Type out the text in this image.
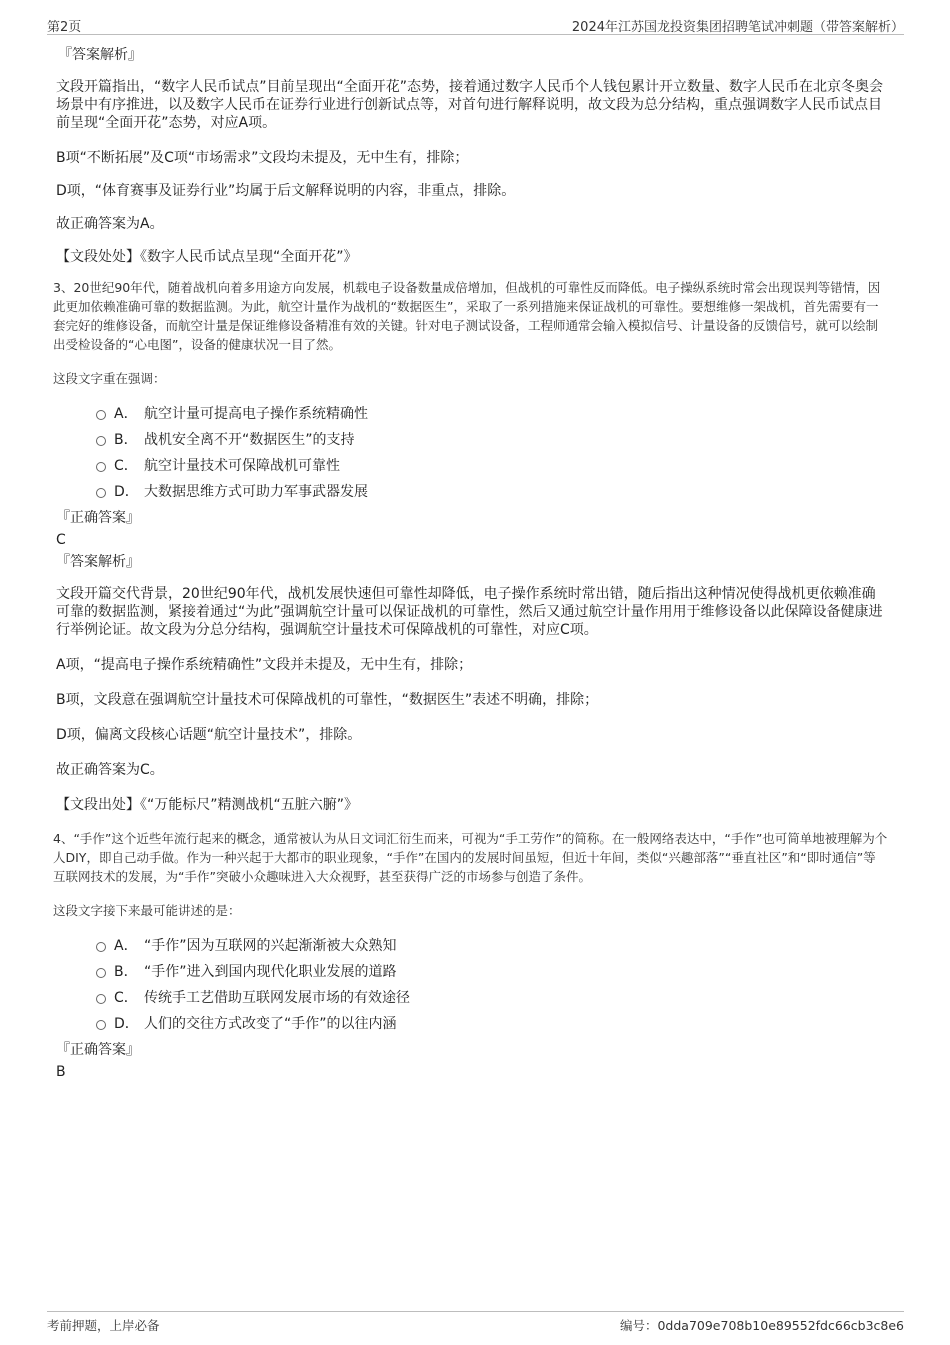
第2页	2024年江苏国龙投资集团招聘笔试冲刺题（带答案解析）
『答案解析』

文段开篇指出，“数字人民币试点”目前呈现出“全面开花”态势，接着通过数字人民币个人钱包累计开立数量、数字人民币在北京冬奥会场景中有序推进，以及数字人民币在证券行业进行创新试点等，对首句进行解释说明，故文段为总分结构，重点强调数字人民币试点目前呈现“全面开花”态势，对应A项。

B项“不断拓展”及C项“市场需求”文段均未提及，无中生有，排除；

D项，“体育赛事及证券行业”均属于后文解释说明的内容，非重点，排除。

故正确答案为A。

【文段处处】《数字人民币试点呈现“全面开花”》

3、20世纪90年代，随着战机向着多用途方向发展，机载电子设备数量成倍增加，但战机的可靠性反而降低。电子操纵系统时常会出现误判等错情，因此更加依赖准确可靠的数据监测。为此，航空计量作为战机的“数据医生”，采取了一系列措施来保证战机的可靠性。要想维修一架战机，首先需要有一套完好的维修设备，而航空计量是保证维修设备精准有效的关键。针对电子测试设备，工程师通常会输入模拟信号、计量设备的反馈信号，就可以绘制出受检设备的“心电图”，设备的健康状况一目了然。

这段文字重在强调：

A． 航空计量可提高电子操作系统精确性
B． 战机安全离不开“数据医生”的支持
C． 航空计量技术可保障战机可靠性
D． 大数据思维方式可助力军事武器发展
『正确答案』
C
『答案解析』

文段开篇交代背景，20世纪90年代，战机发展快速但可靠性却降低，电子操作系统时常出错，随后指出这种情况使得战机更依赖准确可靠的数据监测，紧接着通过“为此”强调航空计量可以保证战机的可靠性，然后又通过航空计量作用用于维修设备以此保障设备健康进行举例论证。故文段为分总分结构，强调航空计量技术可保障战机的可靠性，对应C项。

A项，“提高电子操作系统精确性”文段并未提及，无中生有，排除；

B项，文段意在强调航空计量技术可保障战机的可靠性，“数据医生”表述不明确，排除；

D项，偏离文段核心话题“航空计量技术”，排除。

故正确答案为C。

【文段出处】《“万能标尺”精测战机“五脏六腑”》

4、“手作”这个近些年流行起来的概念，通常被认为从日文词汇衍生而来，可视为“手工劳作”的简称。在一般网络表达中，“手作”也可简单地被理解为个人DIY，即自己动手做。作为一种兴起于大都市的职业现象，“手作”在国内的发展时间虽短，但近十年间，类似“兴趣部落”“垂直社区”和“即时通信”等互联网技术的发展，为“手作”突破小众趣味进入大众视野，甚至获得广泛的市场参与创造了条件。

这段文字接下来最可能讲述的是：

A． “手作”因为互联网的兴起渐渐被大众熟知
B． “手作”进入到国内现代化职业发展的道路
C． 传统手工艺借助互联网发展市场的有效途径
D． 人们的交往方式改变了“手作”的以往内涵
『正确答案』
B
考前押题，上岸必备	编号：0dda709e708b10e89552fdc66cb3c8e6
